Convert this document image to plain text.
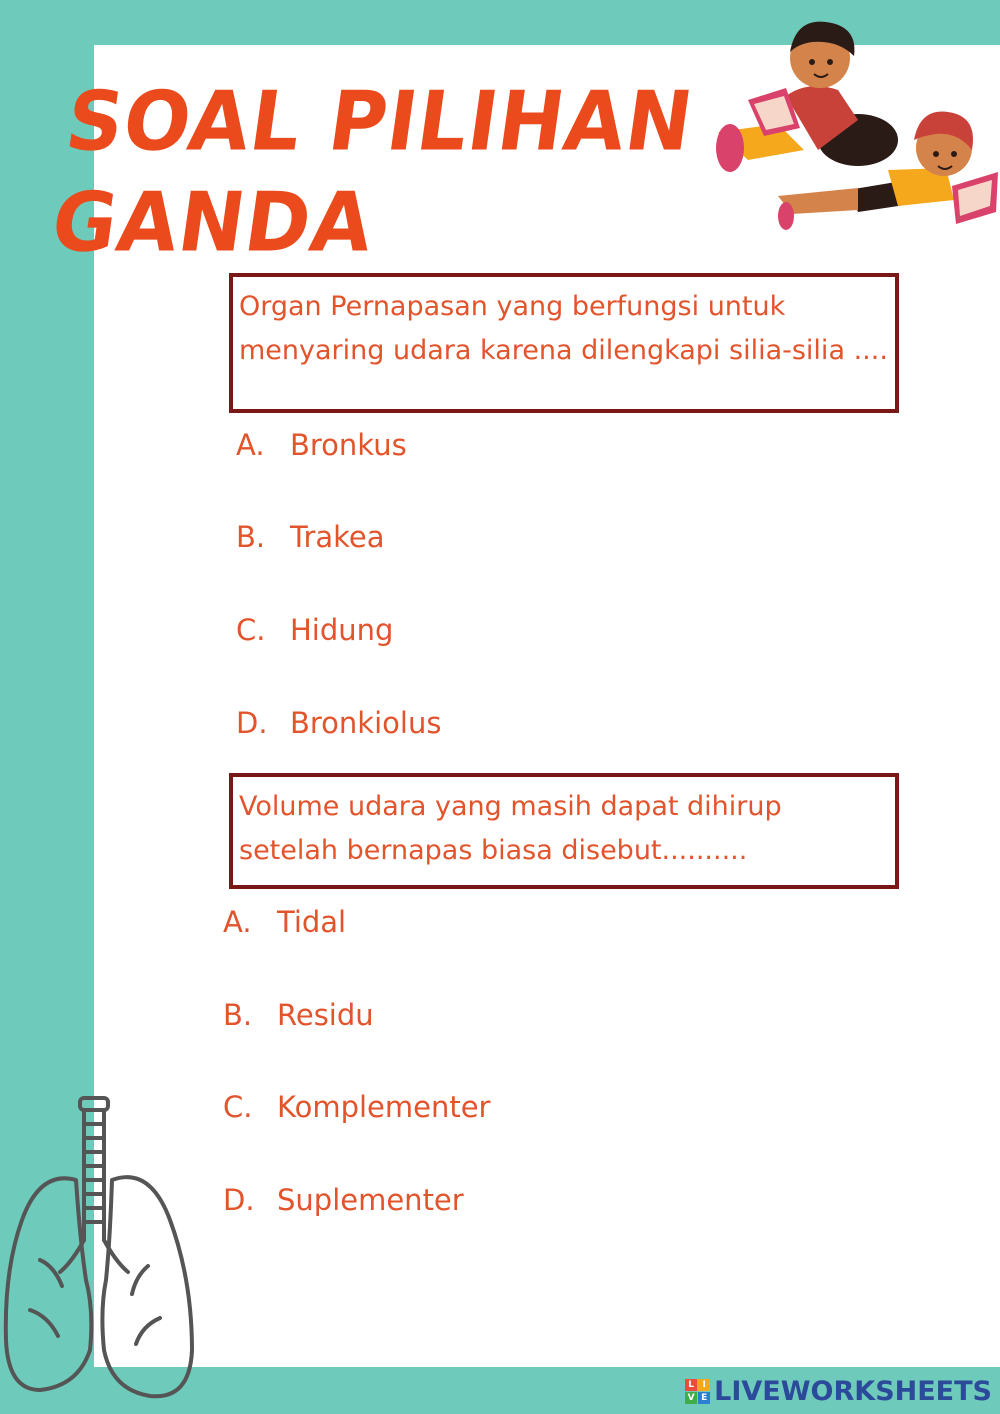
SOAL PILIHAN
GANDA
Organ Pernapasan yang berfungsi untuk
menyaring udara karena dilengkapi silia-silia ....
A. Bronkus
B. Trakea
C. Hidung
D. Bronkiolus
Volume udara yang masih dapat dihirup
setelah bernapas biasa disebut..........
A. Tidal
B. Residu
C. Komplementer
D. Suplementer
L I
V E LIVEWORKSHEETS
